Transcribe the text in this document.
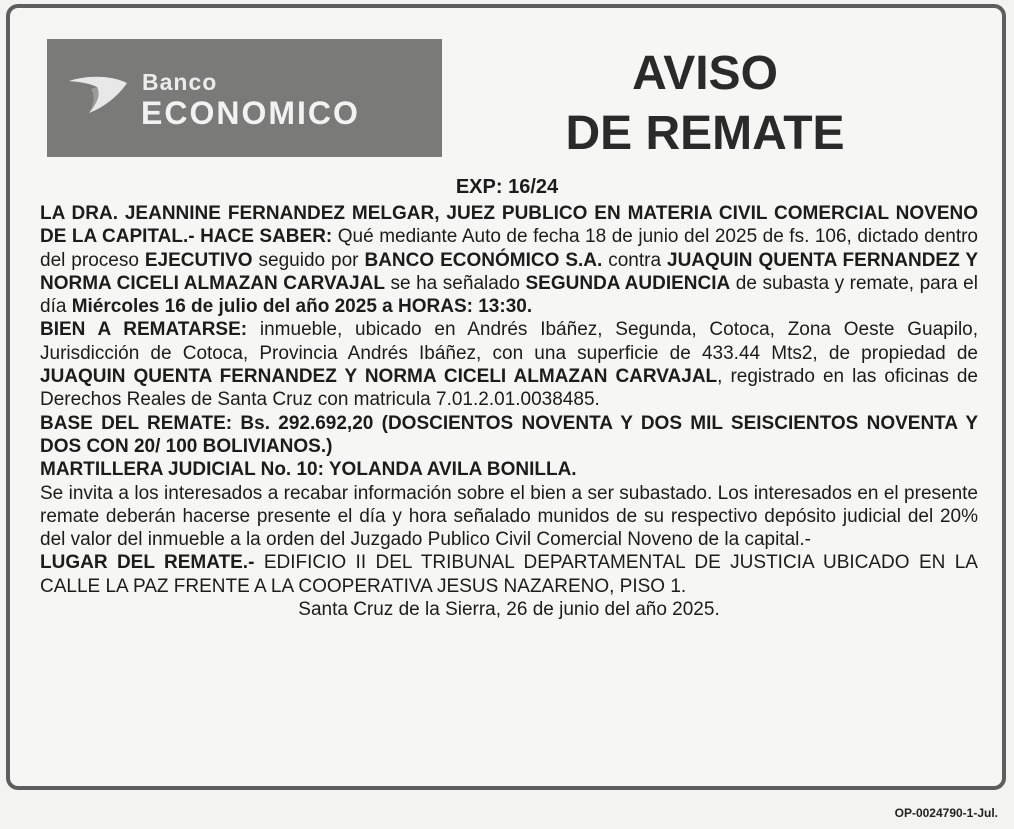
Banco
ECONOMICO
AVISO
DE REMATE
EXP: 16/24

LA DRA. JEANNINE FERNANDEZ MELGAR, JUEZ PUBLICO EN MATERIA CIVIL COMERCIAL NOVENO DE LA CAPITAL.- HACE SABER: Qué mediante Auto de fecha 18 de junio del 2025 de fs. 106, dictado dentro del proceso EJECUTIVO seguido por BANCO ECONÓMICO S.A. contra JUAQUIN QUENTA FERNANDEZ Y NORMA CICELI ALMAZAN CARVAJAL se ha señalado SEGUNDA AUDIENCIA de subasta y remate, para el día Miércoles 16 de julio del año 2025 a HORAS: 13:30.

BIEN A REMATARSE: inmueble, ubicado en Andrés Ibáñez, Segunda, Cotoca, Zona Oeste Guapilo, Jurisdicción de Cotoca, Provincia Andrés Ibáñez, con una superficie de 433.44 Mts2, de propiedad de JUAQUIN QUENTA FERNANDEZ Y NORMA CICELI ALMAZAN CARVAJAL, registrado en las oficinas de Derechos Reales de Santa Cruz con matricula 7.01.2.01.0038485.

BASE DEL REMATE: Bs. 292.692,20 (DOSCIENTOS NOVENTA Y DOS MIL SEISCIENTOS NOVENTA Y DOS CON 20/ 100 BOLIVIANOS.)

MARTILLERA JUDICIAL No. 10: YOLANDA AVILA BONILLA.

Se invita a los interesados a recabar información sobre el bien a ser subastado. Los interesados en el presente remate deberán hacerse presente el día y hora señalado munidos de su respectivo depósito judicial del 20% del valor del inmueble a la orden del Juzgado Publico Civil Comercial Noveno de la capital.-

LUGAR DEL REMATE.- EDIFICIO II DEL TRIBUNAL DEPARTAMENTAL DE JUSTICIA UBICADO EN LA CALLE LA PAZ FRENTE A LA COOPERATIVA JESUS NAZARENO, PISO 1.

Santa Cruz de la Sierra, 26 de junio del año 2025.

OP-0024790-1-Jul.
